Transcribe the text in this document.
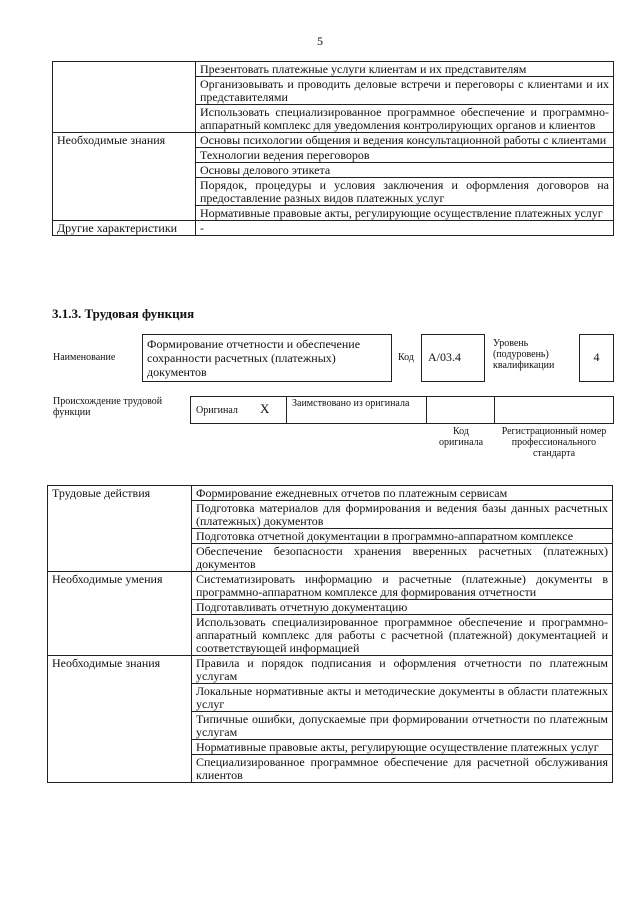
5
	Презентовать платежные услуги клиентам и их представителям
	Организовывать и проводить деловые встречи и переговоры с клиентами и их представителями
	Использовать специализированное программное обеспечение и программно-аппаратный комплекс для уведомления контролирующих органов и клиентов
Необходимые знания	Основы психологии общения и ведения консультационной работы с клиентами
	Технологии ведения переговоров
	Основы делового этикета
	Порядок, процедуры и условия заключения и оформления договоров на предоставление разных видов платежных услуг
	Нормативные правовые акты, регулирующие осуществление платежных услуг
Другие характеристики	-
3.1.3. Трудовая функция
Наименование
Формирование отчетности и обеспечение сохранности расчетных (платежных) документов
Код	A/03.4
Уровень (подуровень) квалификации
4
Происхождение трудовой функции	Оригинал X Заимствовано из оригинала
Код оригинала
Регистрационный номер профессионального стандарта
Трудовые действия	Формирование ежедневных отчетов по платежным сервисам
	Подготовка материалов для формирования и ведения базы данных расчетных (платежных) документов
	Подготовка отчетной документации в программно-аппаратном комплексе
	Обеспечение безопасности хранения вверенных расчетных (платежных) документов
Необходимые умения	Систематизировать информацию и расчетные (платежные) документы в программно-аппаратном комплексе для формирования отчетности
	Подготавливать отчетную документацию
	Использовать специализированное программное обеспечение и программно-аппаратный комплекс для работы с расчетной (платежной) документацией и соответствующей информацией
Необходимые знания	Правила и порядок подписания и оформления отчетности по платежным услугам
	Локальные нормативные акты и методические документы в области платежных услуг
	Типичные ошибки, допускаемые при формировании отчетности по платежным услугам
	Нормативные правовые акты, регулирующие осуществление платежных услуг
	Специализированное программное обеспечение для расчетной обслуживания клиентов
